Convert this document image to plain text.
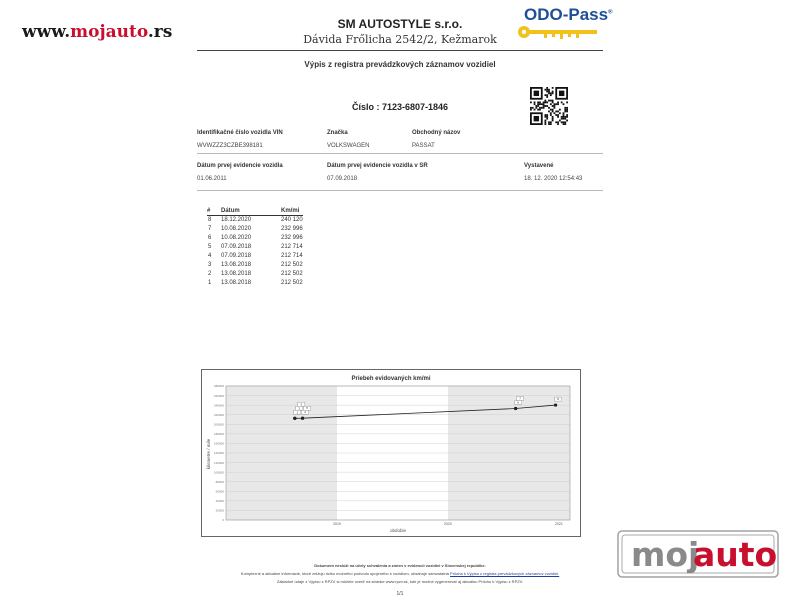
www.mojauto.rs	SM AUTOSTYLE s.r.o.
Dávida Frőlicha 2542/2, Kežmarok
ODO-Pass®
Výpis z registra prevádzkových záznamov vozidiel
Číslo : 7123-6807-1846
Identifikačné číslo vozidla VIN
WVWZZZ3CZBE398181
Značka
VOLKSWAGEN
Obchodný názov
PASSAT
Dátum prvej evidencie vozidla
01.06.2011
Dátum prvej evidencie vozidla v SR
07.09.2018
Vystavené
18. 12. 2020 12:54:43
# Dátum	Km/mi
8 18.12.2020	240 120
7 10.08.2020	232 996
6 10.08.2020	232 996
5 07.09.2018	212 714
4 07.09.2018	212 714
3 13.08.2018	212 502
2 13.08.2018	212 502
1 13.08.2018	212 502
Priebeh evidovaných km/mi
obdobie
kilometre / míle
0
20000
40000
60000
80000
100000
120000
140000
160000
180000
200000
220000
240000
260000
280000
2019	2020	2021
1
2
3
4
5
6
7	8
Dokument nesl​úži na účely schválenia a zmien v evidencii vozidiel v Slovenskej republike.
Komplexné a aktuálne informácie, ktoré zn​ižujú riziko možného podvodu spojeného s vozidlom, obsahuje samostatná Príloha k Výpisu z registra prevádzkových záznamov vozidiel.
Základné údaje z Výpisu z RPZV si môžete overiť na stránke www.rpzv.sk, kde je možné vygenerovať aj aktuálnu Prílohu k Výpisu z RPZV.
1/1
moj
auto
